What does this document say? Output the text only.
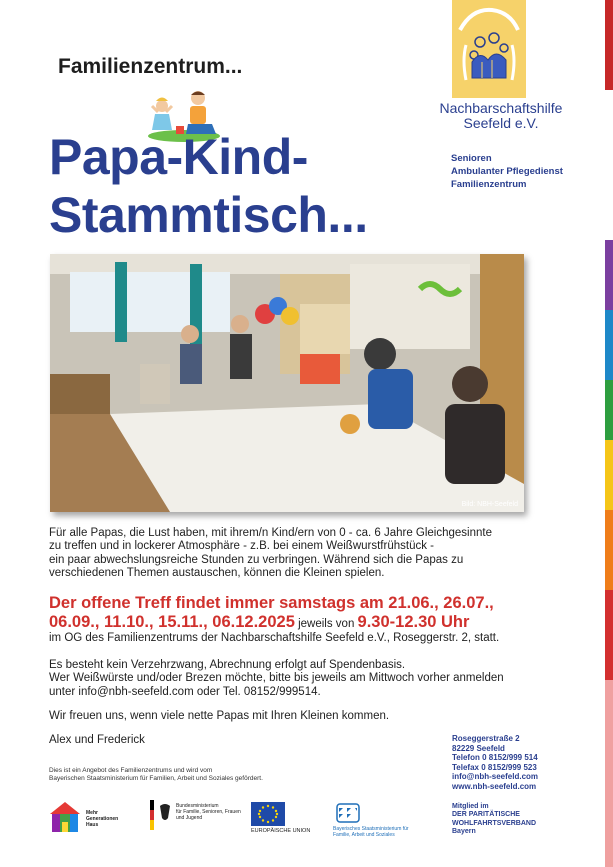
Nachbarschaftshilfe
Seefeld e.V.
Senioren
Ambulanter Pflegedienst
Familienzentrum
Familienzentrum...
Papa-Kind-
Stammtisch...
Bild: NBH-Seefeld
Für alle Papas, die Lust haben, mit ihrem/n Kind/ern von 0 - ca. 6 Jahre Gleichgesinnte
zu treffen und in lockerer Atmosphäre - z.B. bei einem Weißwurstfrühstück -
ein paar abwechslungsreiche Stunden zu verbringen. Während sich die Papas zu
verschiedenen Themen austauschen, können die Kleinen spielen.
Der offene Treff findet immer samstags am 21.06., 26.07.,
06.09., 11.10., 15.11., 06.12.2025 jeweils von 9.30-12.30 Uhr
im OG des Familienzentrums der Nachbarschaftshilfe Seefeld e.V., Roseggerstr. 2, statt.
Es besteht kein Verzehrzwang, Abrechnung erfolgt auf Spendenbasis.
Wer Weißwürste und/oder Brezen möchte, bitte bis jeweils am Mittwoch vorher anmelden
unter info@nbh-seefeld.com oder Tel. 08152/999514.
Wir freuen uns, wenn viele nette Papas mit Ihren Kleinen kommen.
Alex und Frederick	Roseggerstraße 2
82229 Seefeld
Telefon 0 8152/999 514
Telefax 0 8152/999 523
info@nbh-seefeld.com
www.nbh-seefeld.com
Mitglied im
DER PARITÄTISCHE
WOHLFAHRTSVERBAND
Bayern
Dies ist ein Angebot des Familienzentrums und wird vom
Bayerischen Staatsministerium für Familien, Arbeit und Soziales gefördert.
Mehr
Generationen
Haus
Bundesministerium
für Familie, Senioren, Frauen
und Jugend
EUROPÄISCHE UNION	Bayerisches Staatsministerium für
Familie, Arbeit und Soziales
